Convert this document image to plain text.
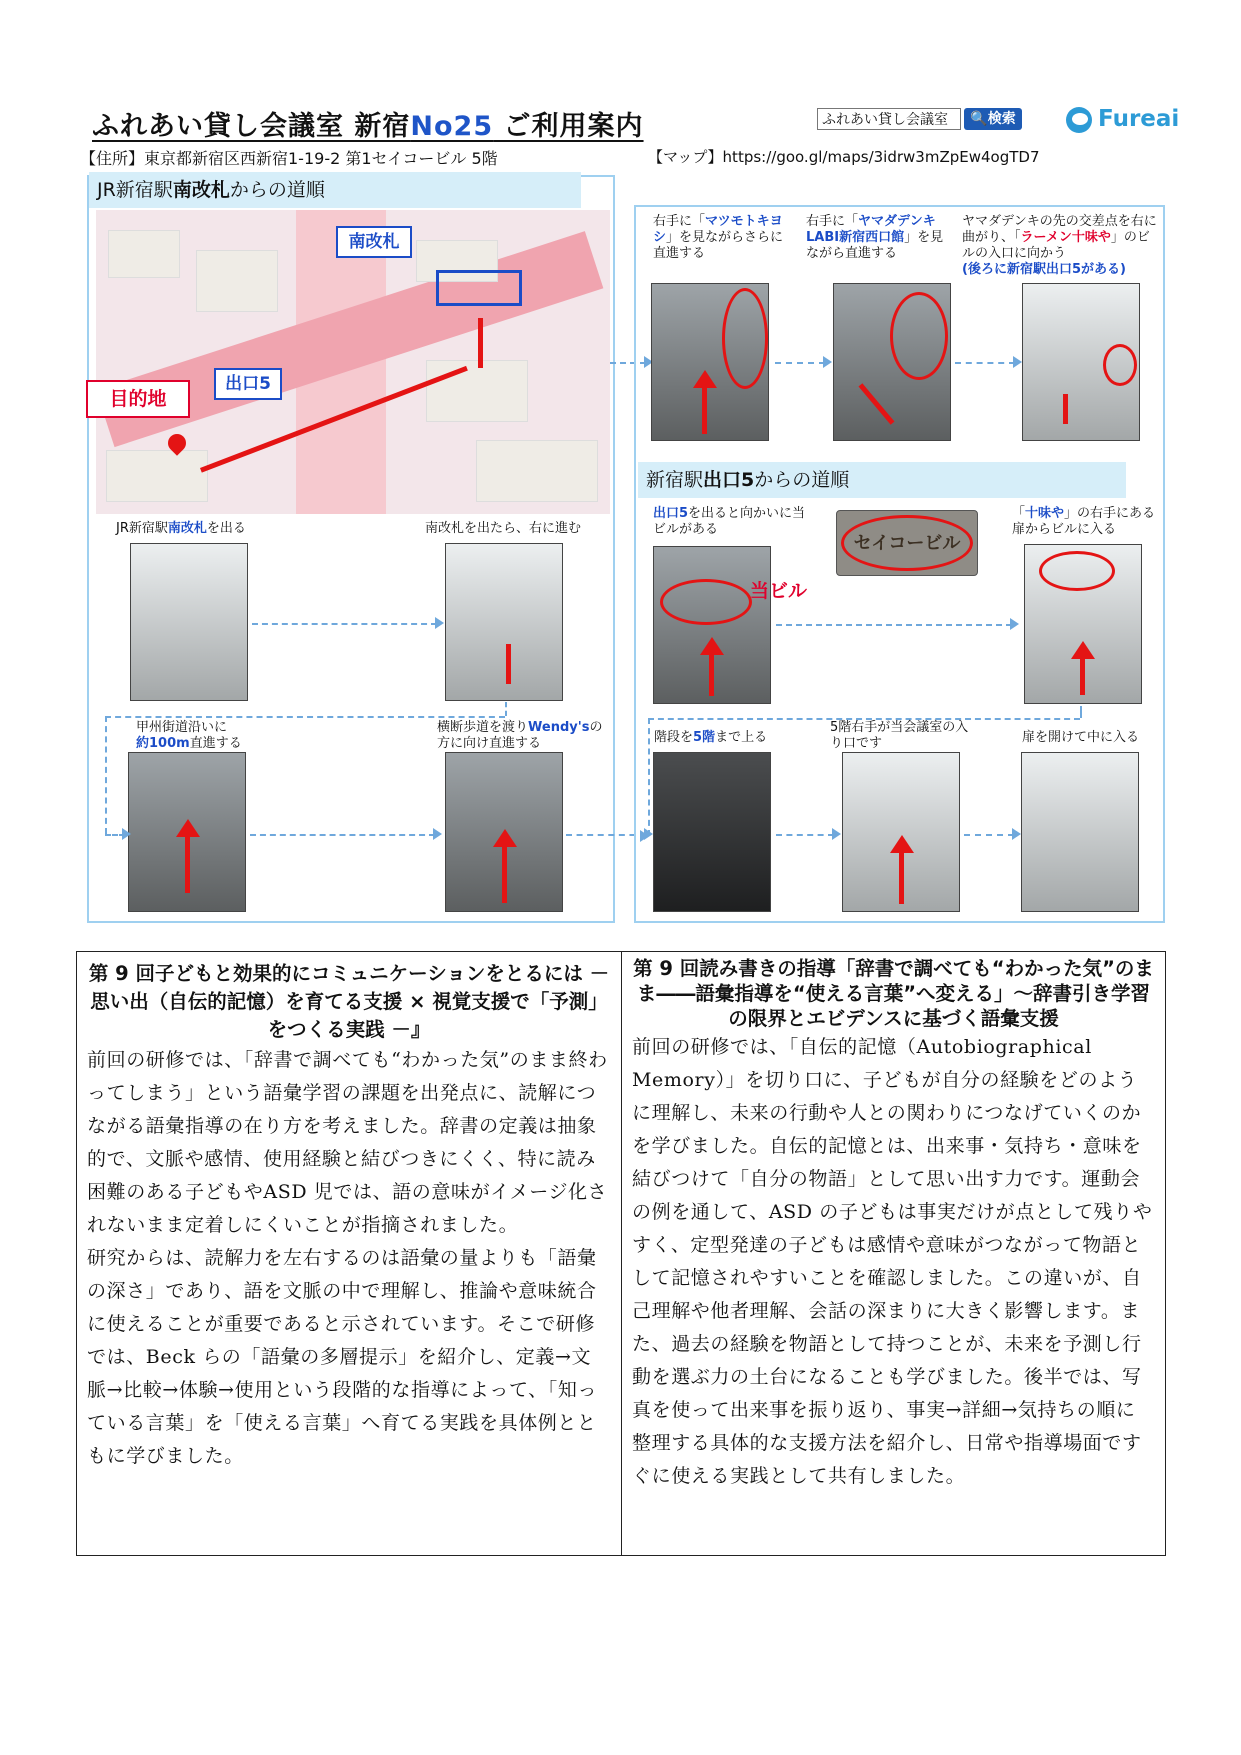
ふれあい貸し会議室 新宿No25 ご利用案内
【住所】東京都新宿区西新宿1-19-2 第1セイコービル 5階	【マップ】https://goo.gl/maps/3idrw3mZpEw4ogTD7
ふれあい貸し会議室	🔍検索	Fureai
JR新宿駅南改札からの道順
南改札
出口5
目的地
JR新宿駅南改札を出る	南改札を出たら、右に進む
甲州街道沿いに
約100m直進する
横断歩道を渡りWendy'sの方に向け直進する
右手に「マツモトキヨシ」を見ながらさらに直進する
右手に「ヤマダデンキLABI新宿西口館」を見ながら直進する
ヤマダデンキの先の交差点を右に曲がり、「ラーメン十味や」のビルの入口に向かう
(後ろに新宿駅出口5がある)
新宿駅出口5からの道順
出口5を出ると向かいに当ビルがある
セイコービル
「十味や」の右手にある扉からビルに入る
当ビル
階段を5階まで上る
5階右手が当会議室の入り口です	扉を開けて中に入る
第 9 回子どもと効果的にコミュニケーションをとるには － 思い出（自伝的記憶）を育てる支援 × 視覚支援で「予測」をつくる実践 －』
前回の研修では、「辞書で調べても“わかった気”のまま終わってしまう」という語彙学習の課題を出発点に、読解につながる語彙指導の在り方を考えました。辞書の定義は抽象的で、文脈や感情、使用経験と結びつきにくく、特に読み困難のある子どもやASD 児では、語の意味がイメージ化されないまま定着しにくいことが指摘されました。
研究からは、読解力を左右するのは語彙の量よりも「語彙の深さ」であり、語を文脈の中で理解し、推論や意味統合に使えることが重要であると示されています。そこで研修では、Beck らの「語彙の多層提示」を紹介し、定義→文脈→比較→体験→使用という段階的な指導によって、「知っている言葉」を「使える言葉」へ育てる実践を具体例とともに学びました。
第 9 回読み書きの指導「辞書で調べても“わかった気”のまま――語彙指導を“使える言葉”へ変える」～辞書引き学習の限界とエビデンスに基づく語彙支援
前回の研修では、「自伝的記憶（Autobiographical Memory）」を切り口に、子どもが自分の経験をどのように理解し、未来の行動や人との関わりにつなげていくのかを学びました。自伝的記憶とは、出来事・気持ち・意味を結びつけて「自分の物語」として思い出す力です。運動会の例を通して、ASD の子どもは事実だけが点として残りやすく、定型発達の子どもは感情や意味がつながって物語として記憶されやすいことを確認しました。この違いが、自己理解や他者理解、会話の深まりに大きく影響します。また、過去の経験を物語として持つことが、未来を予測し行動を選ぶ力の土台になることも学びました。後半では、写真を使って出来事を振り返り、事実→詳細→気持ちの順に整理する具体的な支援方法を紹介し、日常や指導場面ですぐに使える実践として共有しました。
